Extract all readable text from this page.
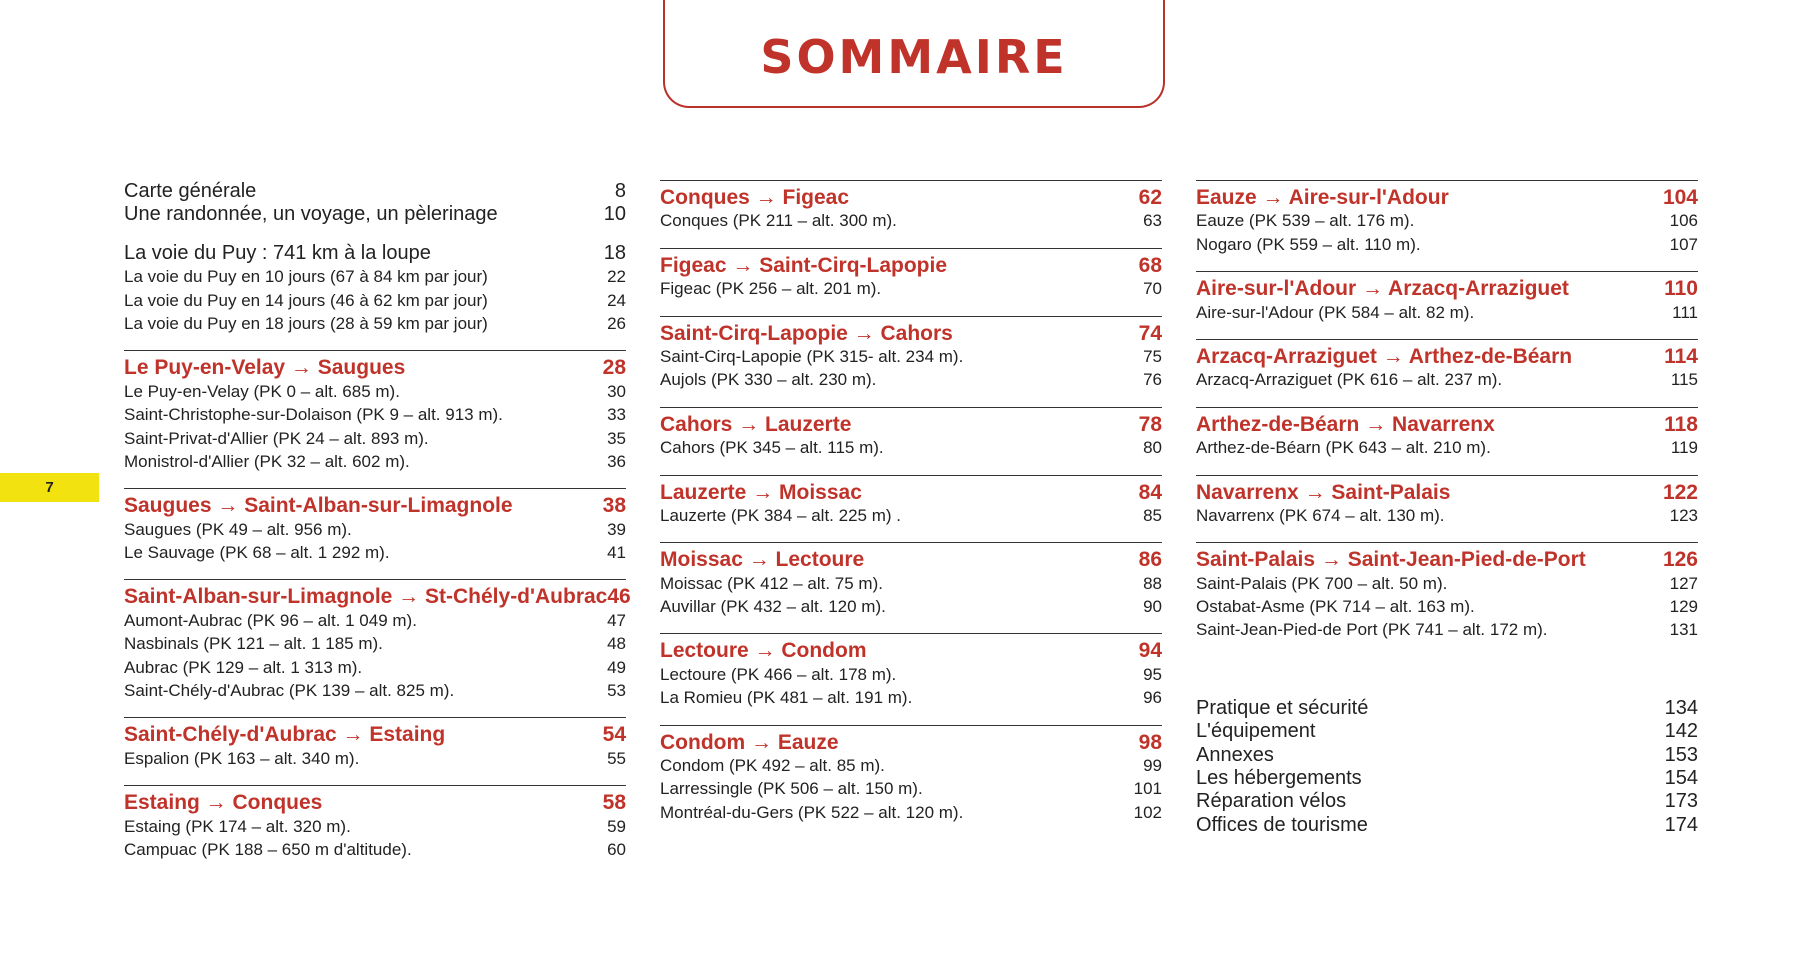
SOMMAIRE
7
Carte générale	8
Une randonnée, un voyage, un pèlerinage	10
La voie du Puy : 741 km à la loupe	18
La voie du Puy en 10 jours (67 à 84 km par jour)	22
La voie du Puy en 14 jours (46 à 62 km par jour)	24
La voie du Puy en 18 jours (28 à 59 km par jour)	26
Le Puy-en-Velay → Saugues	28
Le Puy-en-Velay (PK 0 – alt. 685 m).	30
Saint-Christophe-sur-Dolaison (PK 9 – alt. 913 m).	33
Saint-Privat-d'Allier (PK 24 – alt. 893 m).	35
Monistrol-d'Allier (PK 32 – alt. 602 m).	36
Saugues → Saint-Alban-sur-Limagnole	38
Saugues (PK 49 – alt. 956 m).	39
Le Sauvage (PK 68 – alt. 1 292 m).	41
Saint-Alban-sur-Limagnole → St-Chély-d'Aubrac 46
Aumont-Aubrac (PK 96 – alt. 1 049 m).	47
Nasbinals (PK 121 – alt. 1 185 m).	48
Aubrac (PK 129 – alt. 1 313 m).	49
Saint-Chély-d'Aubrac (PK 139 – alt. 825 m).	53
Saint-Chély-d'Aubrac → Estaing	54
Espalion (PK 163 – alt. 340 m).	55
Estaing → Conques	58
Estaing (PK 174 – alt. 320 m).	59
Campuac (PK 188 – 650 m d'altitude).	60
Conques → Figeac	62
Conques (PK 211 – alt. 300 m).	63
Figeac → Saint-Cirq-Lapopie	68
Figeac (PK 256 – alt. 201 m).	70
Saint-Cirq-Lapopie → Cahors	74
Saint-Cirq-Lapopie (PK 315- alt. 234 m).	75
Aujols (PK 330 – alt. 230 m).	76
Cahors → Lauzerte	78
Cahors (PK 345 – alt. 115 m).	80
Lauzerte → Moissac	84
Lauzerte (PK 384 – alt. 225 m) .	85
Moissac → Lectoure	86
Moissac (PK 412 – alt. 75 m).	88
Auvillar (PK 432 – alt. 120 m).	90
Lectoure → Condom	94
Lectoure (PK 466 – alt. 178 m).	95
La Romieu (PK 481 – alt. 191 m).	96
Condom → Eauze	98
Condom (PK 492 – alt. 85 m).	99
Larressingle (PK 506 – alt. 150 m).	101
Montréal-du-Gers (PK 522 – alt. 120 m).	102
Eauze → Aire-sur-l'Adour	104
Eauze (PK 539 – alt. 176 m).	106
Nogaro (PK 559 – alt. 110 m).	107
Aire-sur-l'Adour → Arzacq-Arraziguet	110
Aire-sur-l'Adour (PK 584 – alt. 82 m).	111
Arzacq-Arraziguet → Arthez-de-Béarn	114
Arzacq-Arraziguet (PK 616 – alt. 237 m).	115
Arthez-de-Béarn → Navarrenx	118
Arthez-de-Béarn (PK 643 – alt. 210 m).	119
Navarrenx → Saint-Palais	122
Navarrenx (PK 674 – alt. 130 m).	123
Saint-Palais → Saint-Jean-Pied-de-Port	126
Saint-Palais (PK 700 – alt. 50 m).	127
Ostabat-Asme (PK 714 – alt. 163 m).	129
Saint-Jean-Pied-de Port (PK 741 – alt. 172 m).	131
Pratique et sécurité	134
L'équipement	142
Annexes	153
Les hébergements	154
Réparation vélos	173
Offices de tourisme	174
